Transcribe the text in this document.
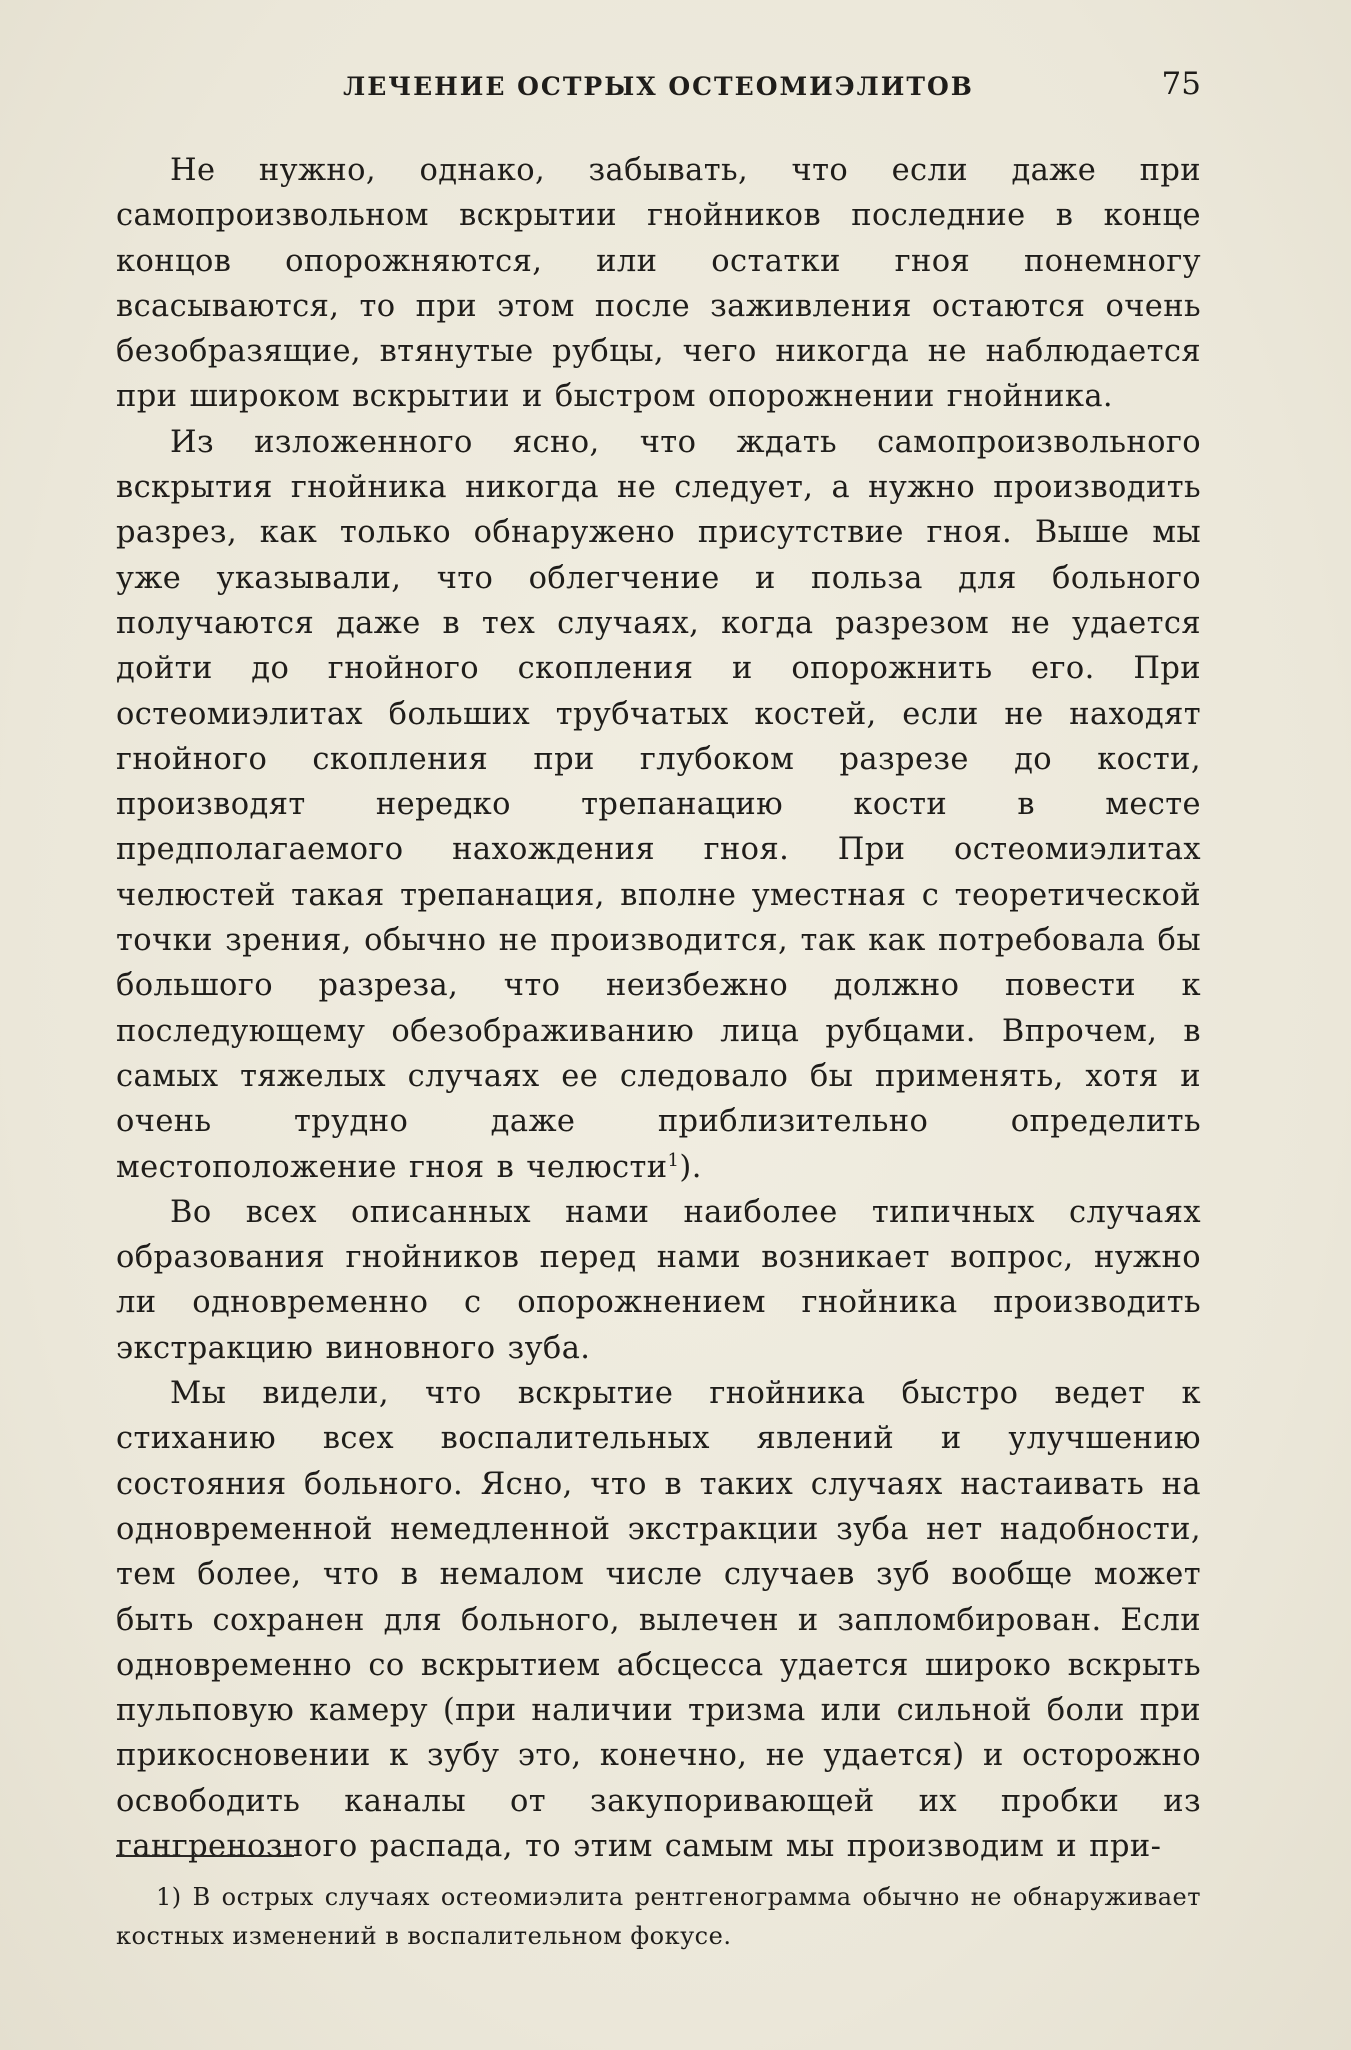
ЛЕЧЕНИЕ ОСТРЫХ ОСТЕОМИЭЛИТОВ	75

Не нужно, однако, забывать, что если даже при самопроизвольном вскрытии гнойников последние в конце концов опорожняются, или остатки гноя понемногу всасываются, то при этом после заживления остаются очень безобразящие, втянутые рубцы, чего никогда не наблюдается при широком вскрытии и быстром опорожнении гнойника.

Из изложенного ясно, что ждать самопроизвольного вскрытия гнойника никогда не следует, а нужно производить разрез, как только обнаружено присутствие гноя. Выше мы уже указывали, что облегчение и польза для больного получаются даже в тех случаях, когда разрезом не удается дойти до гнойного скопления и опорожнить его. При остеомиэлитах больших трубчатых костей, если не находят гнойного скопления при глубоком разрезе до кости, производят нередко трепанацию кости в месте предполагаемого нахождения гноя. При остеомиэлитах челюстей такая трепанация, вполне уместная с теоретической точки зрения, обычно не производится, так как потребовала бы большого разреза, что неизбежно должно повести к последующему обезображиванию лица рубцами. Впрочем, в самых тяжелых случаях ее следовало бы применять, хотя и очень трудно даже приблизительно определить местоположение гноя в челюсти$^1$).

Во всех описанных нами наиболее типичных случаях образования гнойников перед нами возникает вопрос, нужно ли одновременно с опорожнением гнойника производить экстракцию виновного зуба.

Мы видели, что вскрытие гнойника быстро ведет к стиханию всех воспалительных явлений и улучшению состояния больного. Ясно, что в таких случаях настаивать на одновременной немедленной экстракции зуба нет надобности, тем более, что в немалом числе случаев зуб вообще может быть сохранен для больного, вылечен и запломбирован. Если одновременно со вскрытием абсцесса удается широко вскрыть пульповую камеру (при наличии тризма или сильной боли при прикосновении к зубу это, конечно, не удается) и осторожно освободить каналы от закупоривающей их пробки из гангренозного распада, то этим самым мы производим и при-

1) В острых случаях остеомиэлита рентгенограмма обычно не обнаруживает костных изменений в воспалительном фокусе.
